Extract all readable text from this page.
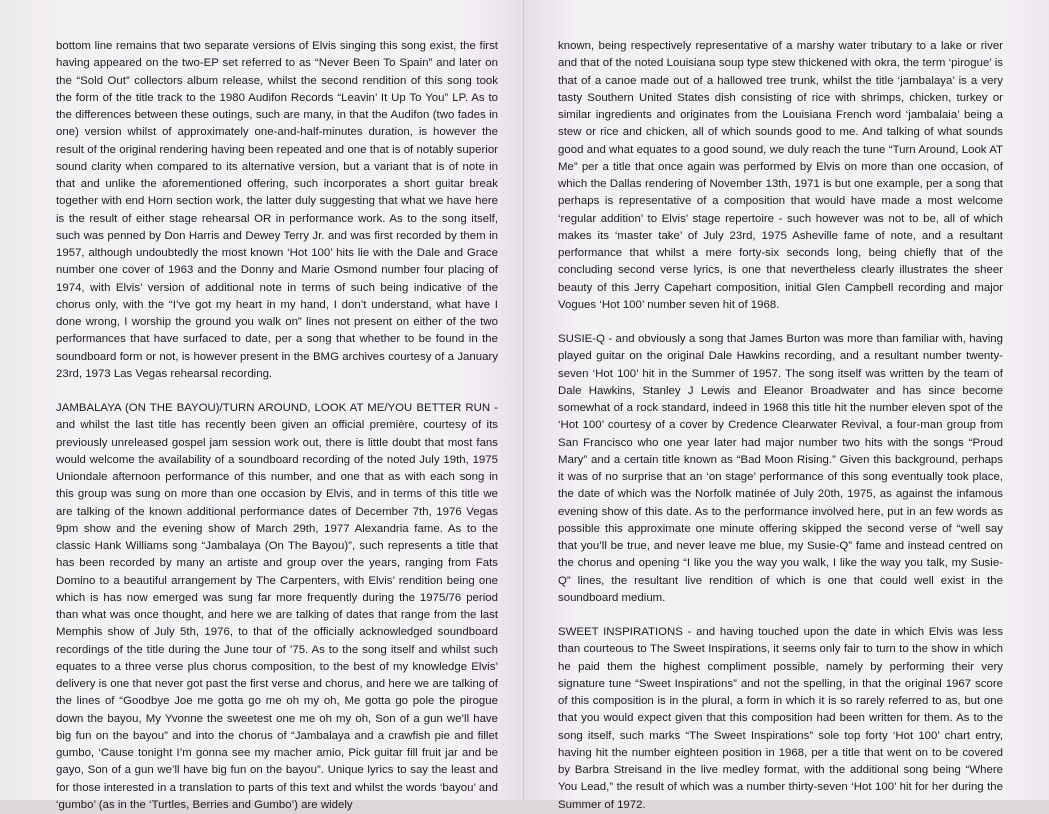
bottom line remains that two separate versions of Elvis singing this song exist, the first having appeared on the two-EP set referred to as “Never Been To Spain” and later on the “Sold Out” collectors album release, whilst the second rendition of this song took the form of the title track to the 1980 Audifon Records “Leavin’ It Up To You” LP. As to the differences between these outings, such are many, in that the Audifon (two fades in one) version whilst of approximately one-and-half-minutes duration, is however the result of the original rendering having been repeated and one that is of notably superior sound clarity when compared to its alternative version, but a variant that is of note in that and unlike the aforementioned offering, such incorporates a short guitar break together with end Horn section work, the latter duly suggesting that what we have here is the result of either stage rehearsal OR in performance work. As to the song itself, such was penned by Don Harris and Dewey Terry Jr. and was first recorded by them in 1957, although undoubtedly the most known ‘Hot 100’ hits lie with the Dale and Grace number one cover of 1963 and the Donny and Marie Osmond number four placing of 1974, with Elvis’ version of additional note in terms of such being indicative of the chorus only, with the “I’ve got my heart in my hand, I don’t understand, what have I done wrong, I worship the ground you walk on” lines not present on either of the two performances that have surfaced to date, per a song that whether to be found in the soundboard form or not, is however present in the BMG archives courtesy of a January 23rd, 1973 Las Vegas rehearsal recording.

JAMBALAYA (ON THE BAYOU)/TURN AROUND, LOOK AT ME/YOU BETTER RUN - and whilst the last title has recently been given an official première, courtesy of its previously unreleased gospel jam session work out, there is little doubt that most fans would welcome the availability of a soundboard recording of the noted July 19th, 1975 Uniondale afternoon performance of this number, and one that as with each song in this group was sung on more than one occasion by Elvis, and in terms of this title we are talking of the known additional performance dates of December 7th, 1976 Vegas 9pm show and the evening show of March 29th, 1977 Alexandria fame. As to the classic Hank Williams song “Jambalaya (On The Bayou)”, such represents a title that has been recorded by many an artiste and group over the years, ranging from Fats Domino to a beautiful arrangement by The Carpenters, with Elvis’ rendition being one which is has now emerged was sung far more frequently during the 1975/76 period than what was once thought, and here we are talking of dates that range from the last Memphis show of July 5th, 1976, to that of the officially acknowledged soundboard recordings of the title during the June tour of ’75. As to the song itself and whilst such equates to a three verse plus chorus composition, to the best of my knowledge Elvis’ delivery is one that never got past the first verse and chorus, and here we are talking of the lines of “Goodbye Joe me gotta go me oh my oh, Me gotta go pole the pirogue down the bayou, My Yvonne the sweetest one me oh my oh, Son of a gun we’ll have big fun on the bayou” and into the chorus of “Jambalaya and a crawfish pie and fillet gumbo, ‘Cause tonight I’m gonna see my macher amio, Pick guitar fill fruit jar and be gayo, Son of a gun we’ll have big fun on the bayou”. Unique lyrics to say the least and for those interested in a translation to parts of this text and whilst the words ‘bayou’ and ‘gumbo’ (as in the ‘Turtles, Berries and Gumbo’) are widely

known, being respectively representative of a marshy water tributary to a lake or river and that of the noted Louisiana soup type stew thickened with okra, the term ‘pirogue’ is that of a canoe made out of a hallowed tree trunk, whilst the title ‘jambalaya’ is a very tasty Southern United States dish consisting of rice with shrimps, chicken, turkey or similar ingredients and originates from the Louisiana French word ‘jambalaia’ being a stew or rice and chicken, all of which sounds good to me. And talking of what sounds good and what equates to a good sound, we duly reach the tune “Turn Around, Look AT Me” per a title that once again was performed by Elvis on more than one occasion, of which the Dallas rendering of November 13th, 1971 is but one example, per a song that perhaps is representative of a composition that would have made a most welcome ‘regular addition’ to Elvis’ stage repertoire - such however was not to be, all of which makes its ‘master take’ of July 23rd, 1975 Asheville fame of note, and a resultant performance that whilst a mere forty-six seconds long, being chiefly that of the concluding second verse lyrics, is one that nevertheless clearly illustrates the sheer beauty of this Jerry Capehart composition, initial Glen Campbell recording and major Vogues ‘Hot 100’ number seven hit of 1968.

SUSIE-Q - and obviously a song that James Burton was more than familiar with, having played guitar on the original Dale Hawkins recording, and a resultant number twenty-seven ‘Hot 100’ hit in the Summer of 1957. The song itself was written by the team of Dale Hawkins, Stanley J Lewis and Eleanor Broadwater and has since become somewhat of a rock standard, indeed in 1968 this title hit the number eleven spot of the ‘Hot 100’ courtesy of a cover by Credence Clearwater Revival, a four-man group from San Francisco who one year later had major number two hits with the songs “Proud Mary” and a certain title known as “Bad Moon Rising.” Given this background, perhaps it was of no surprise that an ‘on stage’ performance of this song eventually took place, the date of which was the Norfolk matinée of July 20th, 1975, as against the infamous evening show of this date. As to the performance involved here, put in an few words as possible this approximate one minute offering skipped the second verse of “well say that you’ll be true, and never leave me blue, my Susie-Q” fame and instead centred on the chorus and opening “I like you the way you walk, I like the way you talk, my Susie-Q” lines, the resultant live rendition of which is one that could well exist in the soundboard medium.

SWEET INSPIRATIONS - and having touched upon the date in which Elvis was less than courteous to The Sweet Inspirations, it seems only fair to turn to the show in which he paid them the highest compliment possible, namely by performing their very signature tune “Sweet Inspirations” and not the spelling, in that the original 1967 score of this composition is in the plural, a form in which it is so rarely referred to as, but one that you would expect given that this composition had been written for them. As to the song itself, such marks “The Sweet Inspirations” sole top forty ‘Hot 100’ chart entry, having hit the number eighteen position in 1968, per a title that went on to be covered by Barbra Streisand in the live medley format, with the additional song being “Where You Lead,” the result of which was a number thirty-seven ‘Hot 100’ hit for her during the Summer of 1972.
